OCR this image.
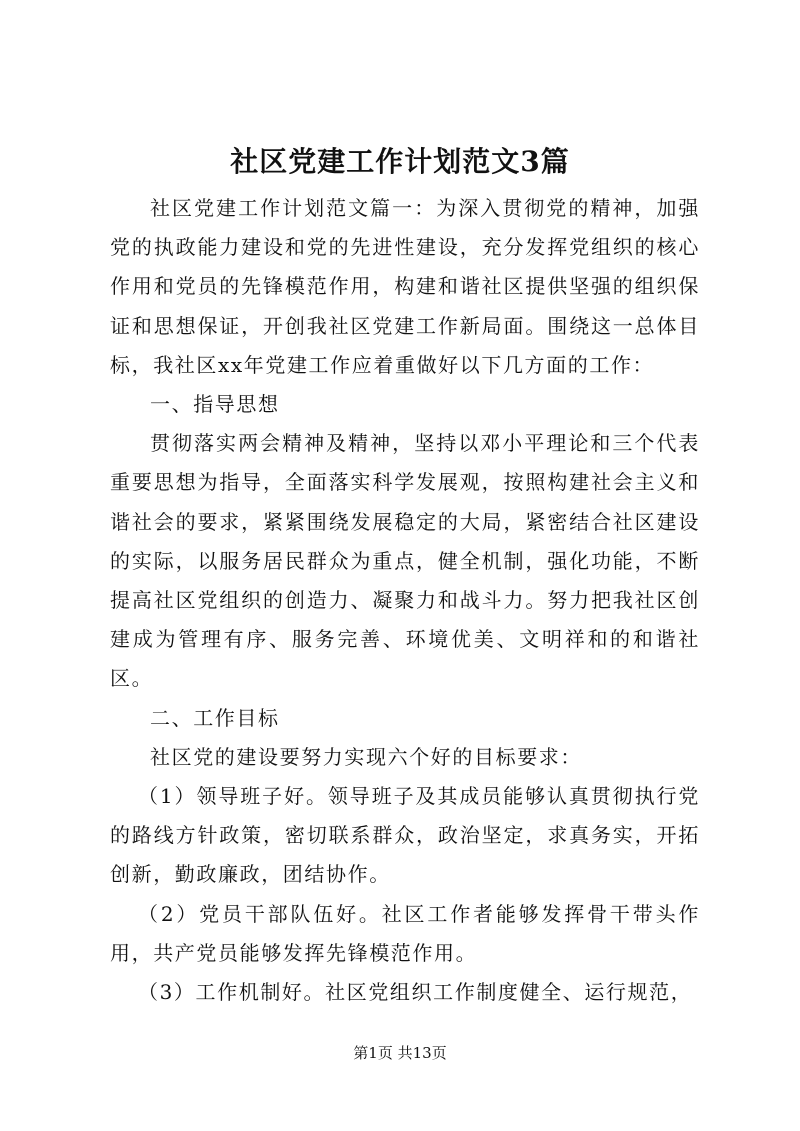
社区党建工作计划范文3篇

社区党建工作计划范文篇一：为深入贯彻党的精神，加强党的执政能力建设和党的先进性建设，充分发挥党组织的核心作用和党员的先锋模范作用，构建和谐社区提供坚强的组织保证和思想保证，开创我社区党建工作新局面。围绕这一总体目标，我社区xx年党建工作应着重做好以下几方面的工作：

一、指导思想

贯彻落实两会精神及精神，坚持以邓小平理论和三个代表重要思想为指导，全面落实科学发展观，按照构建社会主义和谐社会的要求，紧紧围绕发展稳定的大局，紧密结合社区建设的实际，以服务居民群众为重点，健全机制，强化功能，不断提高社区党组织的创造力、凝聚力和战斗力。努力把我社区创建成为管理有序、服务完善、环境优美、文明祥和的和谐社区。

二、工作目标

社区党的建设要努力实现六个好的目标要求：

（1）领导班子好。领导班子及其成员能够认真贯彻执行党的路线方针政策，密切联系群众，政治坚定，求真务实，开拓创新，勤政廉政，团结协作。

（2）党员干部队伍好。社区工作者能够发挥骨干带头作用，共产党员能够发挥先锋模范作用。

（3）工作机制好。社区党组织工作制度健全、运行规范，

第1页 共13页
